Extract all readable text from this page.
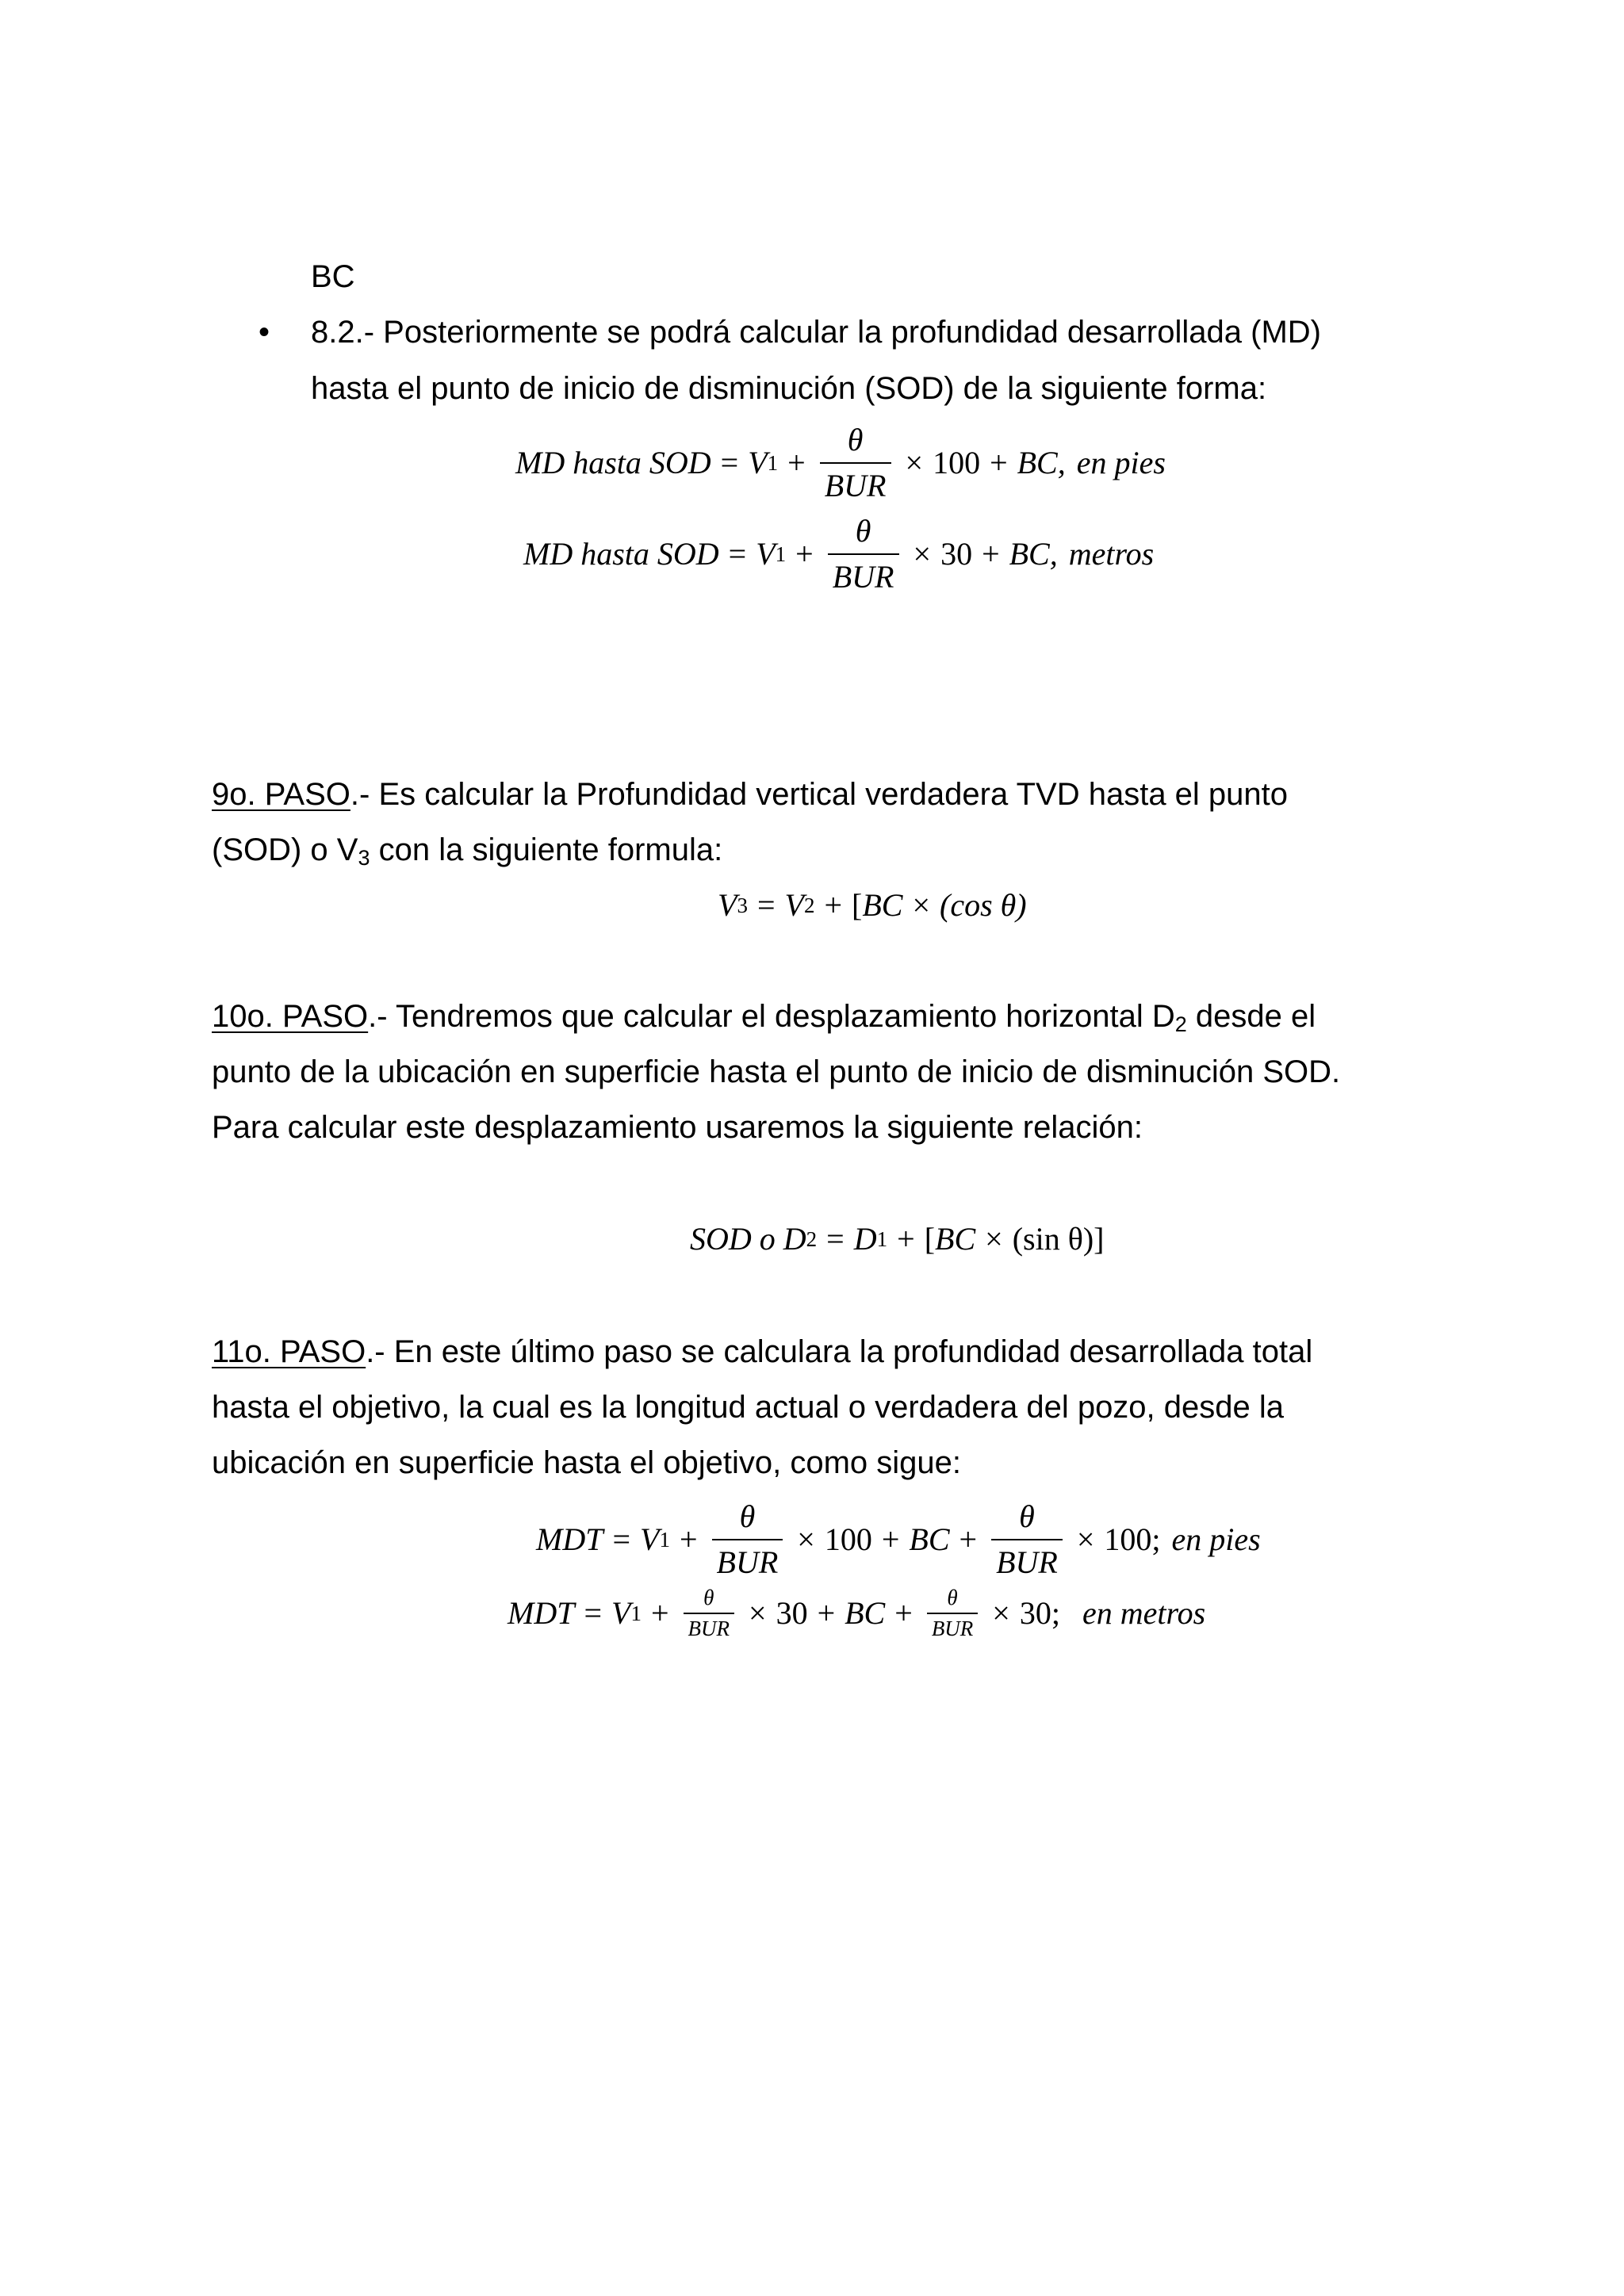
BC
• 8.2.- Posteriormente se podrá calcular la profundidad desarrollada (MD)
hasta el punto de inicio de disminución (SOD) de la siguiente forma:
MD hasta SOD = V $1 + \frac{\theta}{\text{BUR}} \times 100$ + BC, en pies
MD hasta SOD = V $1 + \frac{\theta}{\text{BUR}} \times 30$ + BC, metros
9o. PASO.- Es calcular la Profundidad vertical verdadera TVD hasta el punto
(SOD) o $V_3$ con la siguiente formula:
V 3 = V 2 + [ BC × (cos θ)
10o. PASO.- Tendremos que calcular el desplazamiento horizontal $D_2$ desde el
punto de la ubicación en superficie hasta el punto de inicio de disminución SOD.
Para calcular este desplazamiento usaremos la siguiente relación:
SOD o D 2 = D 1 + [ BC × (sin θ)]
11o. PASO.- En este último paso se calculara la profundidad desarrollada total
hasta el objetivo, la cual es la longitud actual o verdadera del pozo, desde la
ubicación en superficie hasta el objetivo, como sigue:
MDT = V $1 + \frac{\theta}{\text{BUR}} \times 100$ + BC + $\frac{\theta}{\text{BUR}} \times 100$; en pies
MDT = V $1 + \frac{\theta}{\text{BUR}} \times 30$ + BC + $\frac{\theta}{\text{BUR}} \times 30$; en metros
